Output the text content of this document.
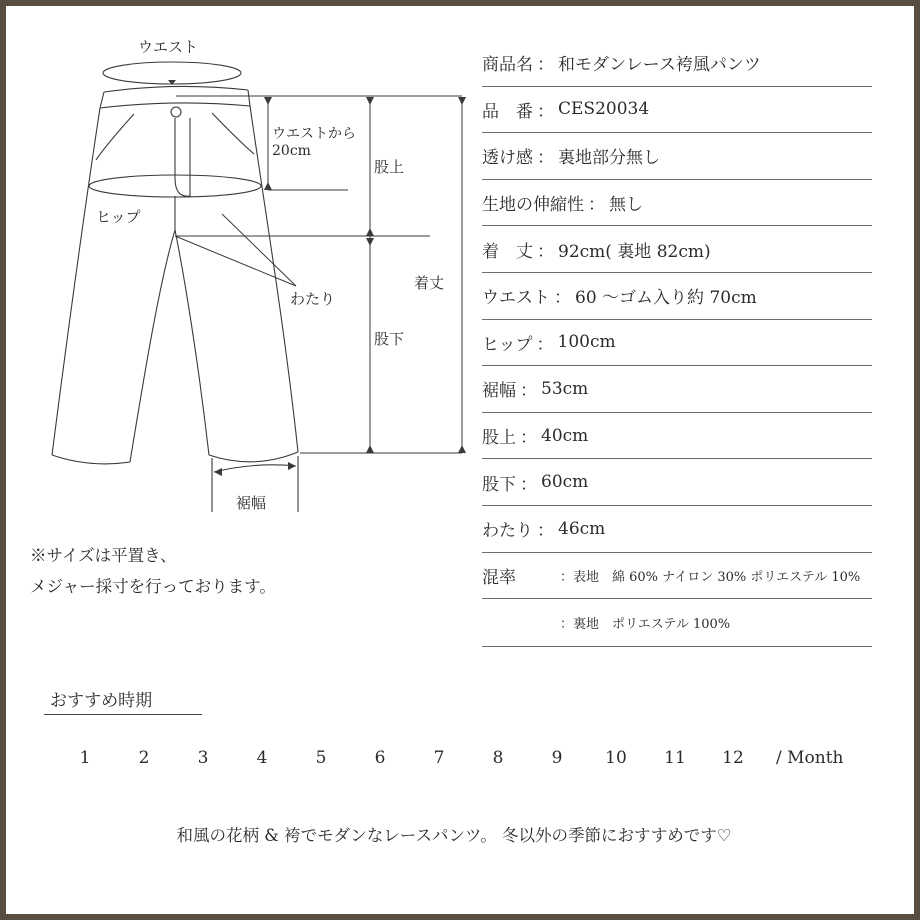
ウエスト
ウエストから
20cm
ヒップ
股上
股下
着丈
わたり
裾幅
商品名 ： 和モダンレース袴風パンツ
品　番 ： CES20034
透け感 ： 裏地部分無し
生地の伸縮性 ： 無し
着　丈 ： 92cm( 裏地 82cm)
ウエスト ： 60 ～ゴム入り約 70cm
ヒップ ： 100cm
裾幅 ： 53cm
股上 ： 40cm
股下 ： 60cm
わたり ： 46cm
混率	：表地　綿 60% ナイロン 30% ポリエステル 10%
：裏地　ポリエステル 100%
※サイズは平置き、
メジャー採寸を行っております。
おすすめ時期
1	2	3	4	5	6	7	8	9	10 11 12 / Month
和風の花柄 & 袴でモダンなレースパンツ。 冬以外の季節におすすめです♡
